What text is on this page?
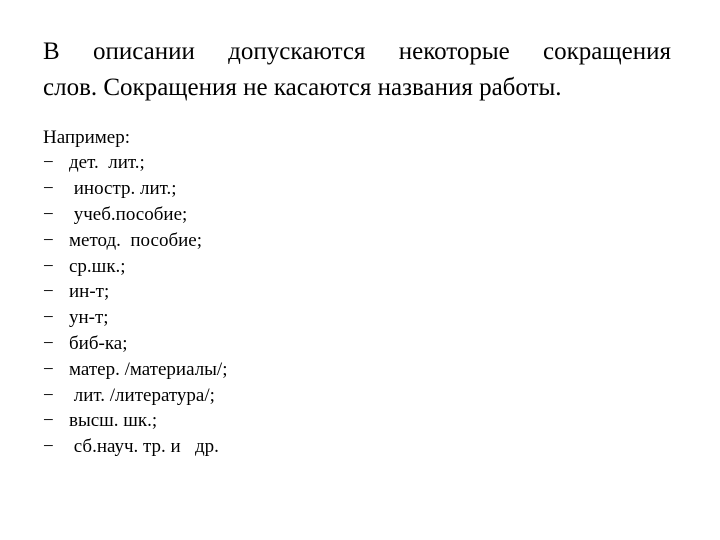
В описании допускаются некоторые сокращения
слов. Сокращения не касаются названия работы.
Например:
− дет.  лит.;
− иностр. лит.;
− учеб.пособие;
− метод.  пособие;
− ср.шк.;
− ин-т;
− ун-т;
− биб-ка;
− матер. /материалы/;
− лит. /литература/;
− высш. шк.;
− сб.науч. тр. и   др.
